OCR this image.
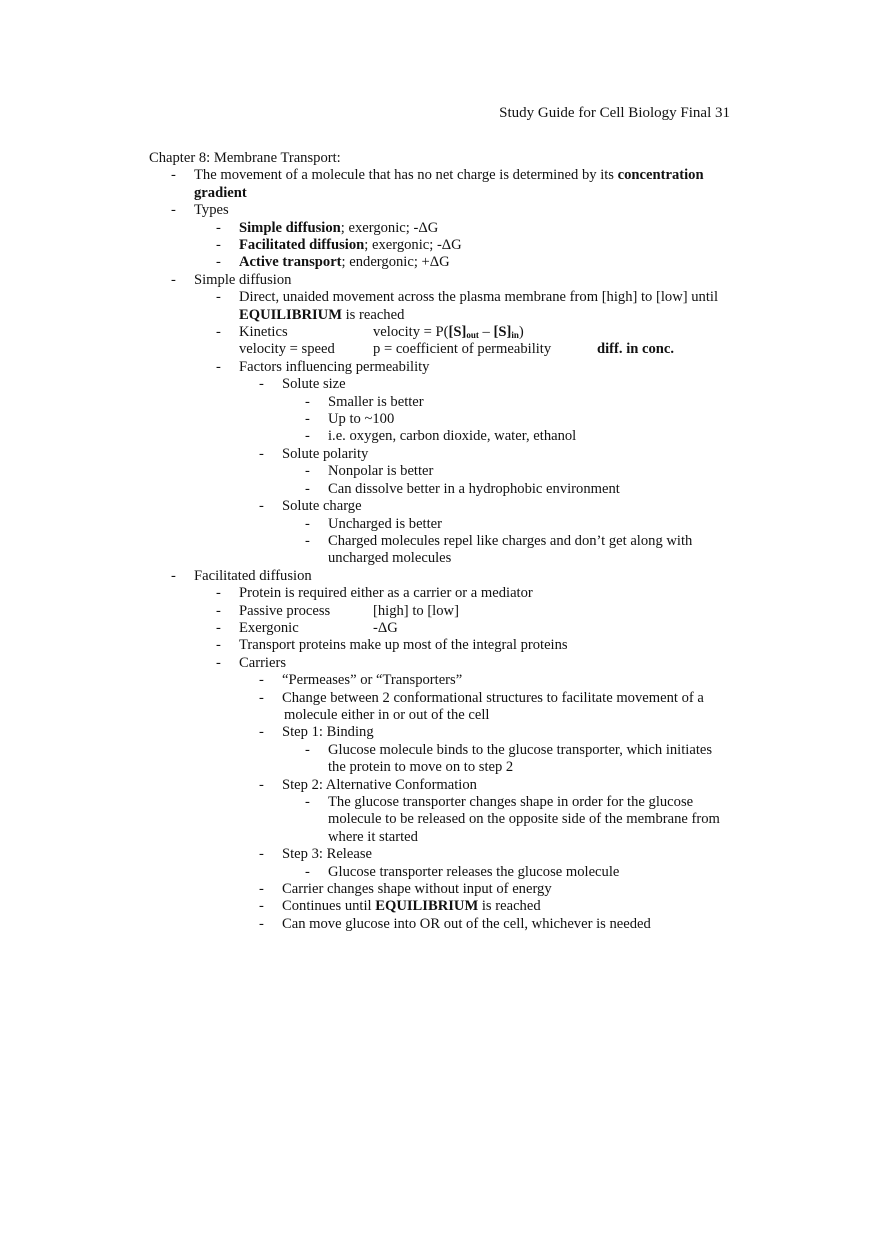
Study Guide for Cell Biology Final 31
Chapter 8: Membrane Transport:
- The movement of a molecule that has no net charge is determined by its concentration
gradient
- Types
- Simple diffusion; exergonic; -ΔG
- Facilitated diffusion; exergonic; -ΔG
- Active transport; endergonic; +ΔG
- Simple diffusion
- Direct, unaided movement across the plasma membrane from [high] to [low] until
EQUILIBRIUM is reached
- Kinetics	velocity = $P([S]_{out} - [S]_{in})$
velocity = speed	p = coefficient of permeability	diff. in conc.
- Factors influencing permeability
- Solute size
- Smaller is better
- Up to ~100
- i.e. oxygen, carbon dioxide, water, ethanol
- Solute polarity
- Nonpolar is better
- Can dissolve better in a hydrophobic environment
- Solute charge
- Uncharged is better
- Charged molecules repel like charges and don’t get along with
uncharged molecules
- Facilitated diffusion
- Protein is required either as a carrier or a mediator
- Passive process	[high] to [low]
- Exergonic	-ΔG
- Transport proteins make up most of the integral proteins
- Carriers
- “Permeases” or “Transporters”
- Change between 2 conformational structures to facilitate movement of a
molecule either in or out of the cell
- Step 1: Binding
- Glucose molecule binds to the glucose transporter, which initiates
the protein to move on to step 2
- Step 2: Alternative Conformation
- The glucose transporter changes shape in order for the glucose
molecule to be released on the opposite side of the membrane from
where it started
- Step 3: Release
- Glucose transporter releases the glucose molecule
- Carrier changes shape without input of energy
- Continues until EQUILIBRIUM is reached
- Can move glucose into OR out of the cell, whichever is needed
